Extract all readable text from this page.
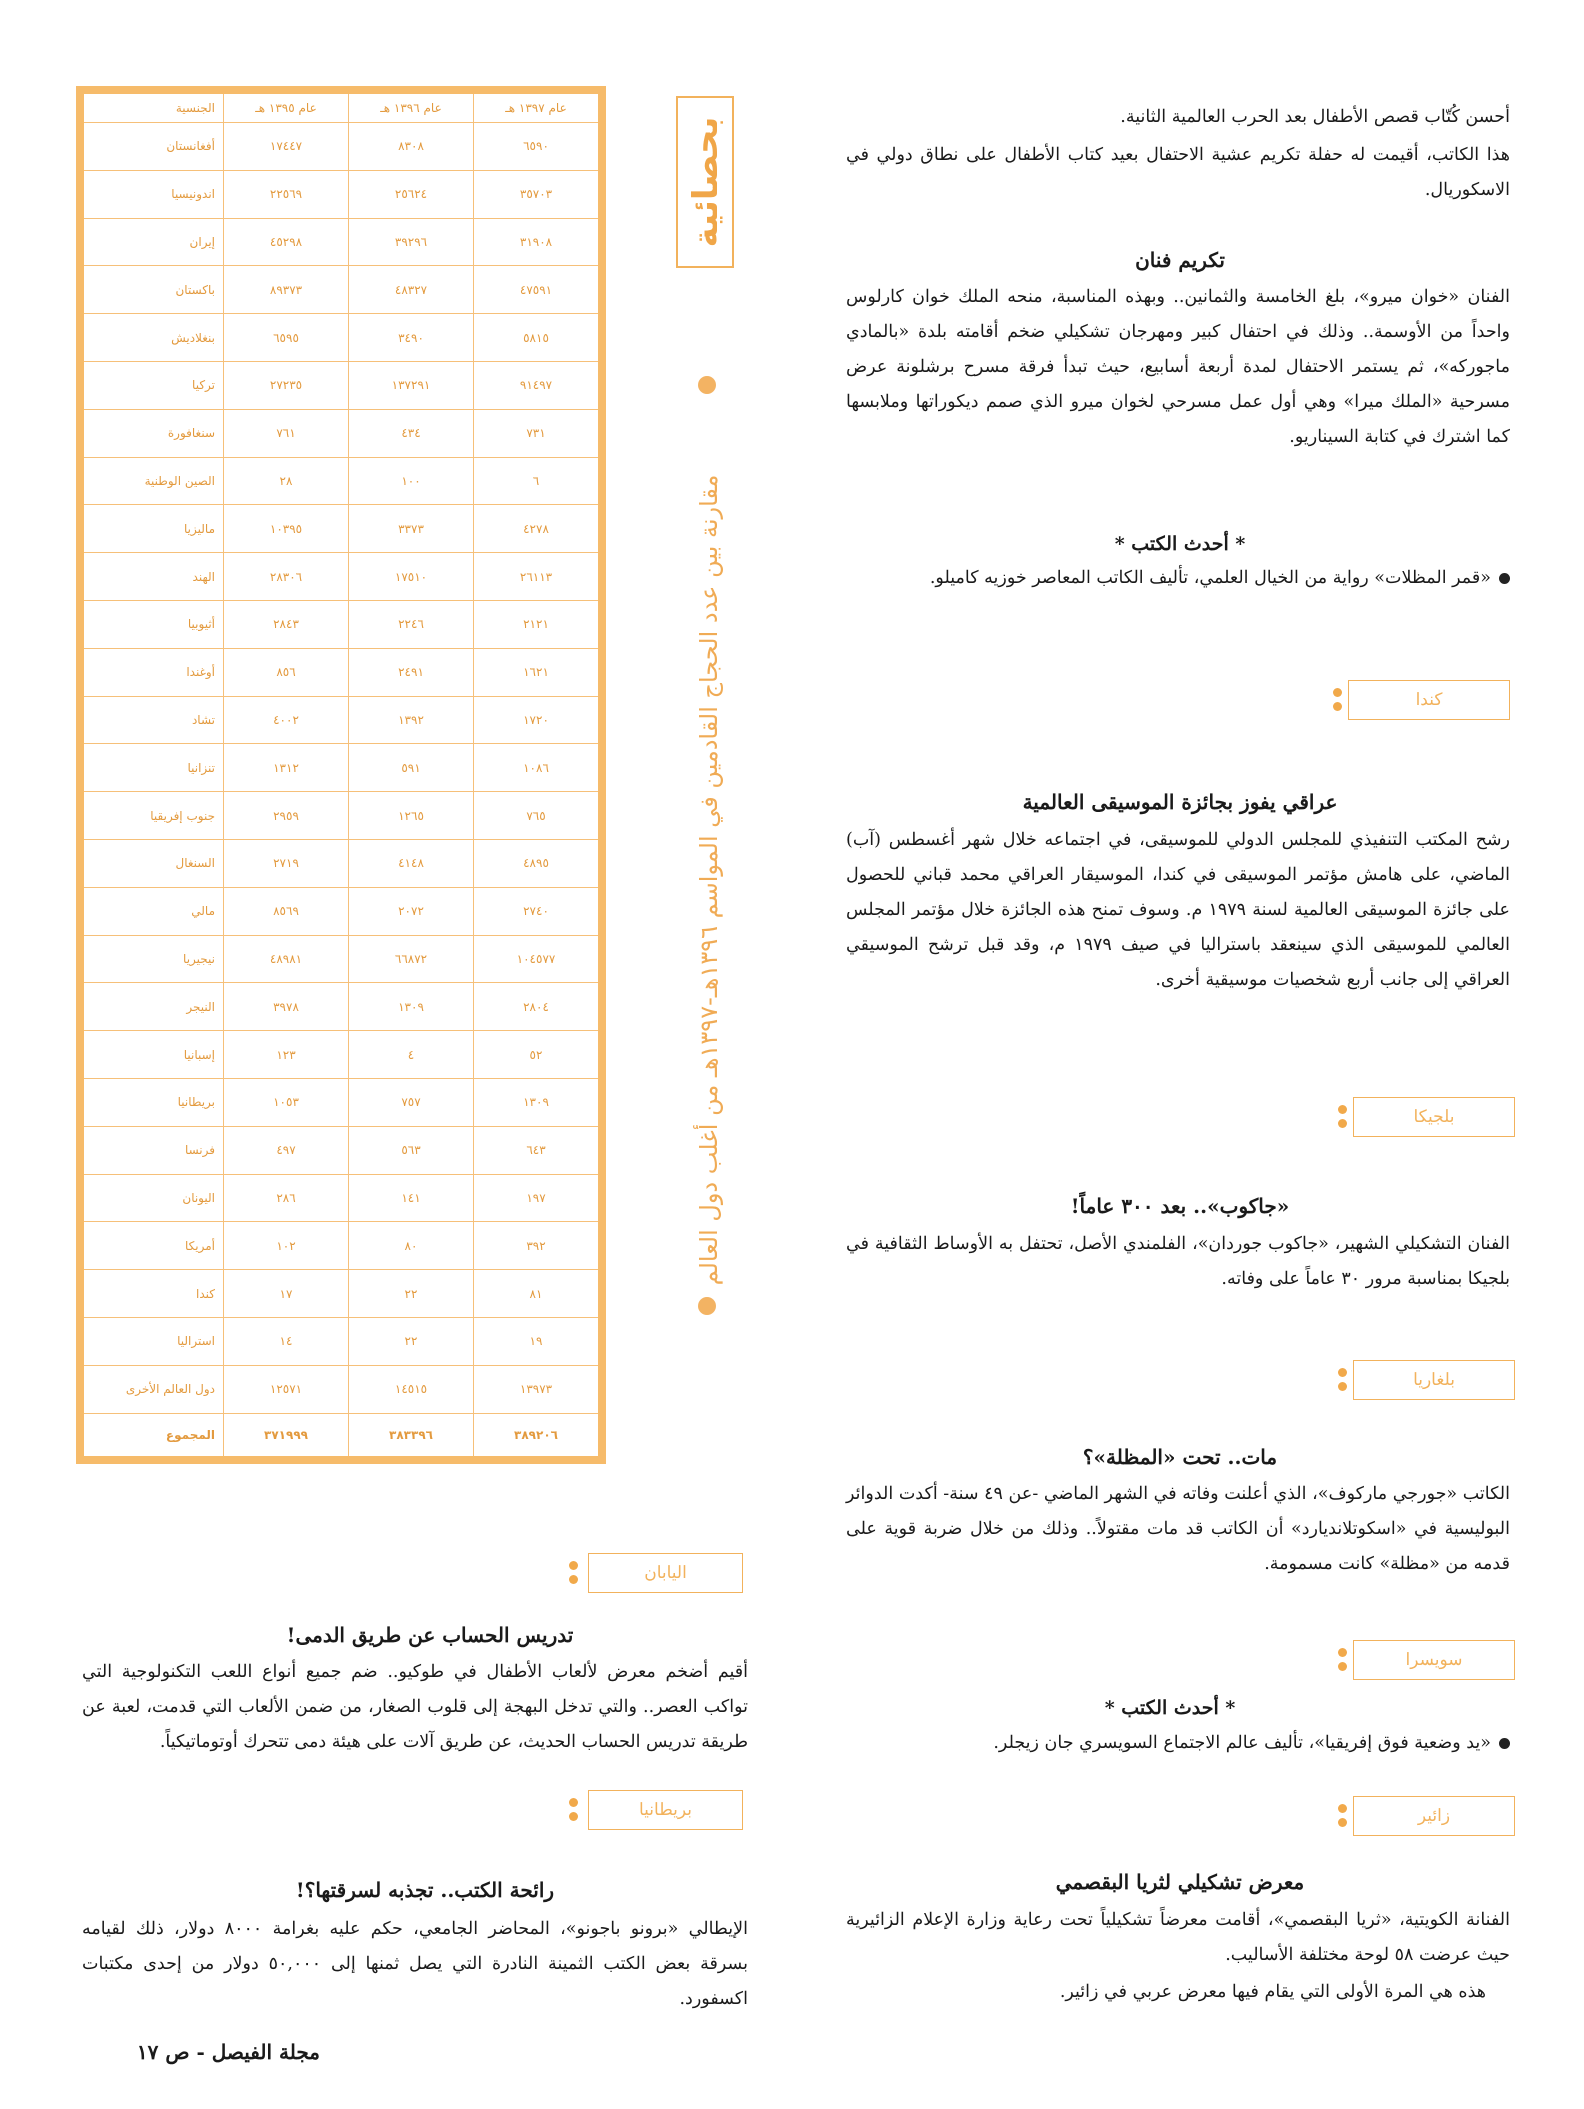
بحصائية
مقارنة بين عدد الحجاج القادمين في المواسم ١٣٩٦هـ-١٣٩٧هـ من أغلب دول العالم
عام ١٣٩٧ هـ	عام ١٣٩٦ هـ	عام ١٣٩٥ هـ	الجنسية
٦٥٩٠	٨٣٠٨	١٧٤٤٧	أفغانستان
٣٥٧٠٣	٢٥٦٢٤	٢٢٥٦٩	اندونيسيا
٣١٩٠٨	٣٩٢٩٦	٤٥٢٩٨	إيران
٤٧٥٩١	٤٨٣٢٧	٨٩٣٧٣	باكستان
٥٨١٥	٣٤٩٠	٦٥٩٥	بنغلاديش
٩١٤٩٧	١٣٧٢٩١	٢٧٢٣٥	تركيا
٧٣١	٤٣٤	٧٦١	سنغافورة
٦	١٠٠	٢٨	الصين الوطنية
٤٢٧٨	٣٣٧٣	١٠٣٩٥	ماليزيا
٢٦١١٣	١٧٥١٠	٢٨٣٠٦	الهند
٢١٢١	٢٢٤٦	٢٨٤٣	أثيوبيا
١٦٢١	٢٤٩١	٨٥٦	أوغندا
١٧٢٠	١٣٩٢	٤٠٠٢	تشاد
١٠٨٦	٥٩١	١٣١٢	تنزانيا
٧٦٥	١٢٦٥	٢٩٥٩	جنوب إفريقيا
٤٨٩٥	٤١٤٨	٢٧١٩	السنغال
٢٧٤٠	٢٠٧٢	٨٥٦٩	مالي
١٠٤٥٧٧	٦٦٨٧٢	٤٨٩٨١	نيجيريا
٢٨٠٤	١٣٠٩	٣٩٧٨	النيجر
٥٢	٤	١٢٣	إسبانيا
١٣٠٩	٧٥٧	١٠٥٣	بريطانيا
٦٤٣	٥٦٣	٤٩٧	فرنسا
١٩٧	١٤١	٢٨٦	اليونان
٣٩٢	٨٠	١٠٢	أمريكا
٨١	٢٢	١٧	كندا
١٩	٢٢	١٤	استراليا
١٣٩٧٣	١٤٥١٥	١٢٥٧١	دول العالم الأخرى
٣٨٩٢٠٦	٣٨٣٣٩٦	٣٧١٩٩٩	المجموع
اليابان
تدريس الحساب عن طريق الدمى!

أقيم أضخم معرض لألعاب الأطفال في طوكيو.. ضم جميع أنواع اللعب التكنولوجية التي تواكب العصر.. والتي تدخل البهجة إلى قلوب الصغار، من ضمن الألعاب التي قدمت، لعبة عن طريقة تدريس الحساب الحديث، عن طريق آلات على هيئة دمى تتحرك أوتوماتيكياً.

بريطانيا
رائحة الكتب.. تجذبه لسرقتها؟!

الإيطالي «برونو باجونو»، المحاضر الجامعي، حكم عليه بغرامة ٨٠٠٠ دولار، ذلك لقيامه بسرقة بعض الكتب الثمينة النادرة التي يصل ثمنها إلى ٥٠,٠٠٠ دولار من إحدى مكتبات اكسفورد.

مجلة الفيصل - ص ١٧

أحسن كُتّاب قصص الأطفال بعد الحرب العالمية الثانية.

هذا الكاتب، أقيمت له حفلة تكريم عشية الاحتفال بعيد كتاب الأطفال على نطاق دولي في الاسكوريال.

تكريم فنان

الفنان «خوان ميرو»، بلغ الخامسة والثمانين.. وبهذه المناسبة، منحه الملك خوان كارلوس واحداً من الأوسمة.. وذلك في احتفال كبير ومهرجان تشكيلي ضخم أقامته بلدة «بالمادي ماجوركه»، ثم يستمر الاحتفال لمدة أربعة أسابيع، حيث تبدأ فرقة مسرح برشلونة عرض مسرحية «الملك ميرا» وهي أول عمل مسرحي لخوان ميرو الذي صمم ديكوراتها وملابسها كما اشترك في كتابة السيناريو.

* أحدث الكتب *
«قمر المظلات» رواية من الخيال العلمي، تأليف الكاتب المعاصر خوزيه كاميلو.
كندا
عراقي يفوز بجائزة الموسيقى العالمية

رشح المكتب التنفيذي للمجلس الدولي للموسيقى، في اجتماعه خلال شهر أغسطس (آب) الماضي، على هامش مؤتمر الموسيقى في كندا، الموسيقار العراقي محمد قباني للحصول على جائزة الموسيقى العالمية لسنة ١٩٧٩ م. وسوف تمنح هذه الجائزة خلال مؤتمر المجلس العالمي للموسيقى الذي سينعقد باستراليا في صيف ١٩٧٩ م، وقد قبل ترشح الموسيقي العراقي إلى جانب أربع شخصيات موسيقية أخرى.

بلجيكا
«جاكوب».. بعد ٣٠٠ عاماً!

الفنان التشكيلي الشهير، «جاكوب جوردان»، الفلمندي الأصل، تحتفل به الأوساط الثقافية في بلجيكا بمناسبة مرور ٣٠ عاماً على وفاته.

بلغاريا
مات.. تحت «المظلة»؟

الكاتب «جورجي ماركوف»، الذي أعلنت وفاته في الشهر الماضي -عن ٤٩ سنة- أكدت الدوائر البوليسية في «اسكوتلانديارد» أن الكاتب قد مات مقتولاً.. وذلك من خلال ضربة قوية على قدمه من «مظلة» كانت مسمومة.

سويسرا
* أحدث الكتب *
«يد وضعية فوق إفريقيا»، تأليف عالم الاجتماع السويسري جان زيجلر.
زائير
معرض تشكيلي لثريا البقصمي

الفنانة الكويتية، «ثريا البقصمي»، أقامت معرضاً تشكيلياً تحت رعاية وزارة الإعلام الزائيرية حيث عرضت ٥٨ لوحة مختلفة الأساليب.

هذه هي المرة الأولى التي يقام فيها معرض عربي في زائير.
